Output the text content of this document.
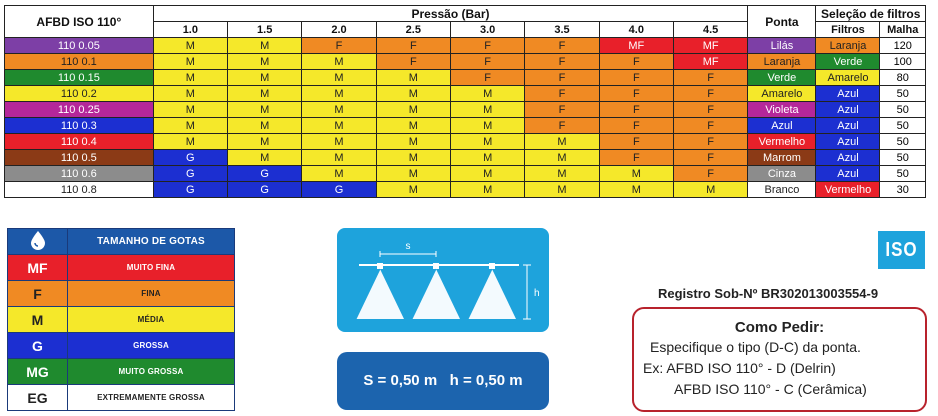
AFBD ISO 110°	Pressão (Bar)								Ponta	Seleção de filtros	
	1.0	1.5	2.0	2.5	3.0	3.5	4.0	4.5		Filtros	Malha
110 0.05	M	M	F	F	F	F	MF	MF	Lilás	Laranja	120
110 0.1	M	M	M	F	F	F	F	MF	Laranja	Verde	100
110 0.15	M	M	M	M	F	F	F	F	Verde	Amarelo	80
110 0.2	M	M	M	M	M	F	F	F	Amarelo	Azul	50
110 0.25	M	M	M	M	M	F	F	F	Violeta	Azul	50
110 0.3	M	M	M	M	M	F	F	F	Azul	Azul	50
110 0.4	M	M	M	M	M	M	F	F	Vermelho	Azul	50
110 0.5	G	M	M	M	M	M	F	F	Marrom	Azul	50
110 0.6	G	G	M	M	M	M	M	F	Cinza	Azul	50
110 0.8	G	G	G	M	M	M	M	M	Branco	Vermelho	30
	TAMANHO DE GOTAS
MF	MUITO FINA
F	FINA
M	MÉDIA
G	GROSSA
MG	MUITO GROSSA
EG	EXTREMAMENTE GROSSA
s
h
S = 0,50 m   h = 0,50 m
ISO
Registro Sob-Nº BR302013003554-9
Como Pedir:
Especifique o tipo (D-C) da ponta.
Ex: AFBD ISO 110° - D (Delrin)
AFBD ISO 110° - C (Cerâmica)
